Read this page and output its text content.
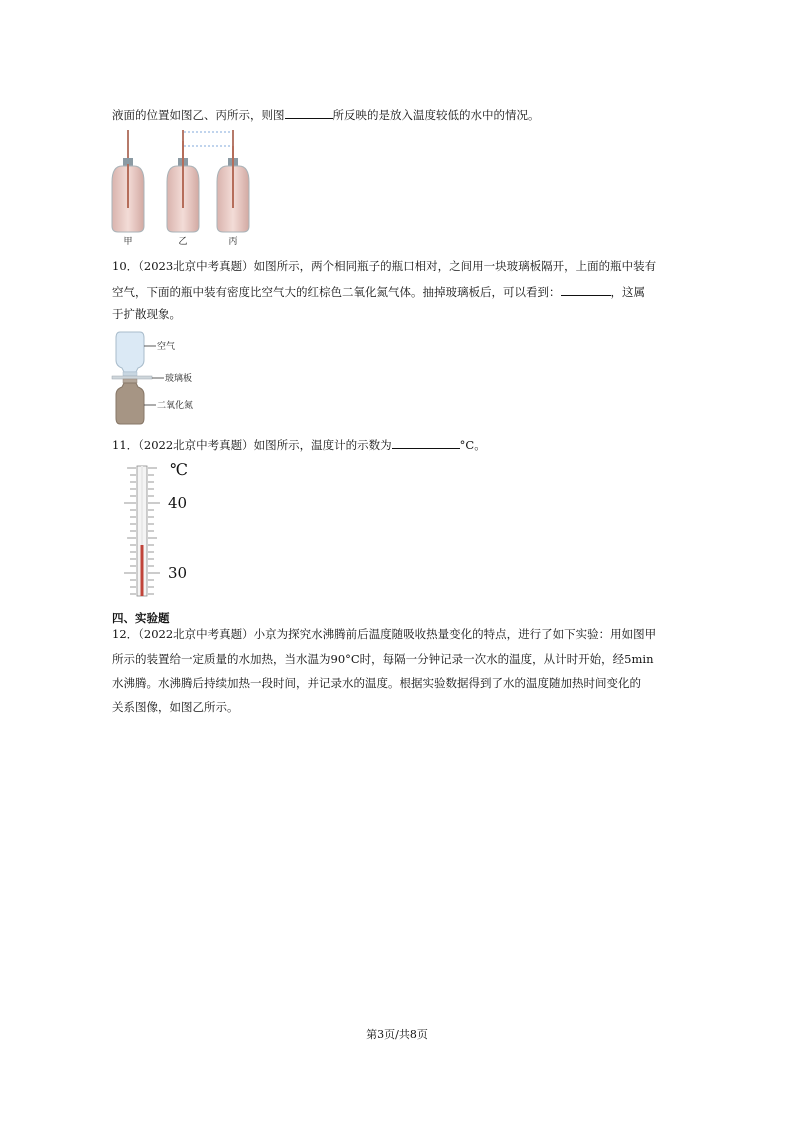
液面的位置如图乙、丙所示，则图	所反映的是放入温度较低的水中的情况。
甲	乙	丙
10．（2023北京中考真题）如图所示，两个相同瓶子的瓶口相对，之间用一块玻璃板隔开，上面的瓶中装有
空气，下面的瓶中装有密度比空气大的红棕色二氧化氮气体。抽掉玻璃板后，可以看到：	，这属
于扩散现象。
空气
玻璃板
二氧化氮
11．（2022北京中考真题）如图所示，温度计的示数为	°C。
℃
40
30
四、实验题
12．（2022北京中考真题）小京为探究水沸腾前后温度随吸收热量变化的特点，进行了如下实验：用如图甲
所示的装置给一定质量的水加热，当水温为90°C时，每隔一分钟记录一次水的温度，从计时开始，经5min
水沸腾。水沸腾后持续加热一段时间，并记录水的温度。根据实验数据得到了水的温度随加热时间变化的
关系图像，如图乙所示。
第3页/共8页
